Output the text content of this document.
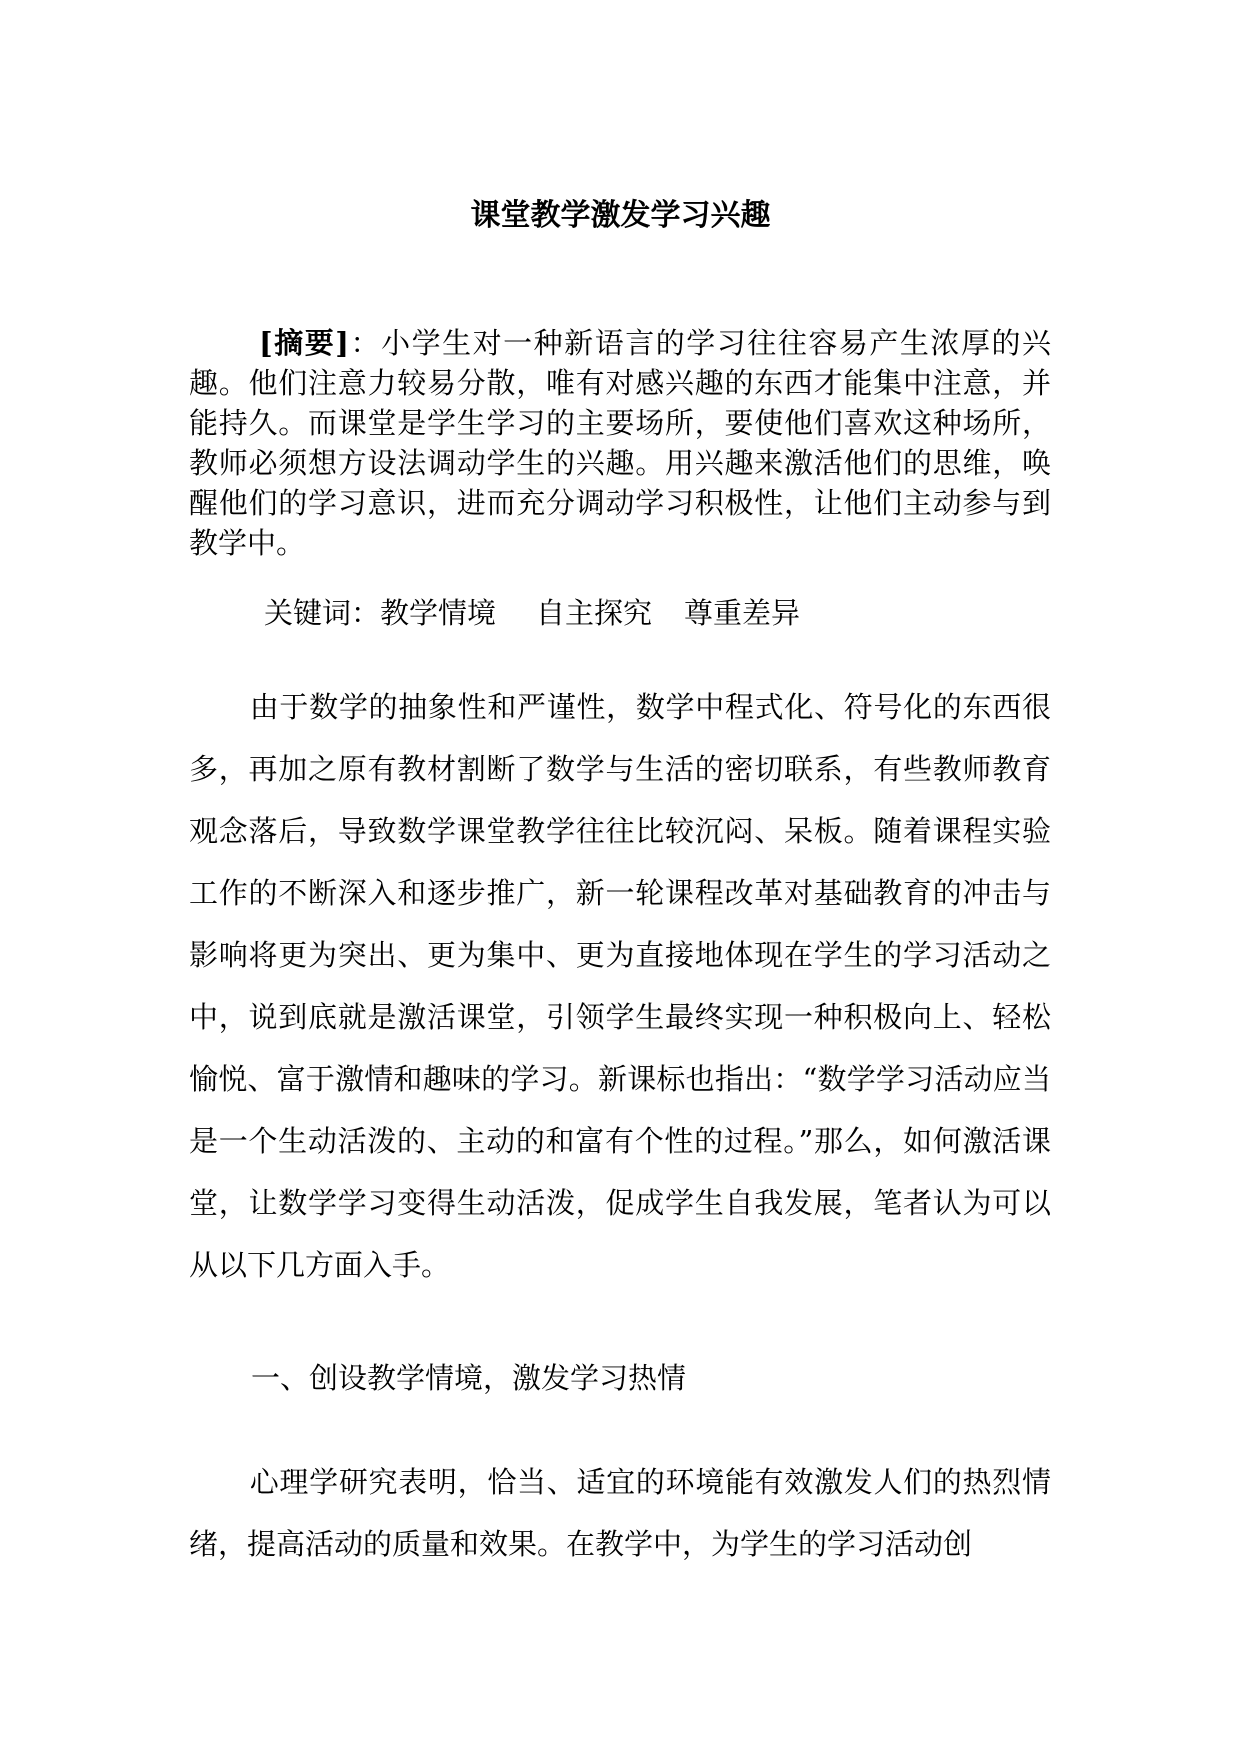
课堂教学激发学习兴趣

[摘要]：小学生对一种新语言的学习往往容易产生浓厚的兴趣。他们注意力较易分散，唯有对感兴趣的东西才能集中注意，并能持久。而课堂是学生学习的主要场所，要使他们喜欢这种场所，教师必须想方设法调动学生的兴趣。用兴趣来激活他们的思维，唤醒他们的学习意识，进而充分调动学习积极性，让他们主动参与到教学中。

关键词：教学情境 自主探究 尊重差异

由于数学的抽象性和严谨性，数学中程式化、符号化的东西很多，再加之原有教材割断了数学与生活的密切联系，有些教师教育观念落后，导致数学课堂教学往往比较沉闷、呆板。随着课程实验工作的不断深入和逐步推广，新一轮课程改革对基础教育的冲击与影响将更为突出、更为集中、更为直接地体现在学生的学习活动之中，说到底就是激活课堂，引领学生最终实现一种积极向上、轻松愉悦、富于激情和趣味的学习。新课标也指出：“数学学习活动应当是一个生动活泼的、主动的和富有个性的过程。”那么，如何激活课堂，让数学学习变得生动活泼，促成学生自我发展，笔者认为可以从以下几方面入手。

一、创设教学情境，激发学习热情

心理学研究表明，恰当、适宜的环境能有效激发人们的热烈情绪，提高活动的质量和效果。在教学中，为学生的学习活动创
